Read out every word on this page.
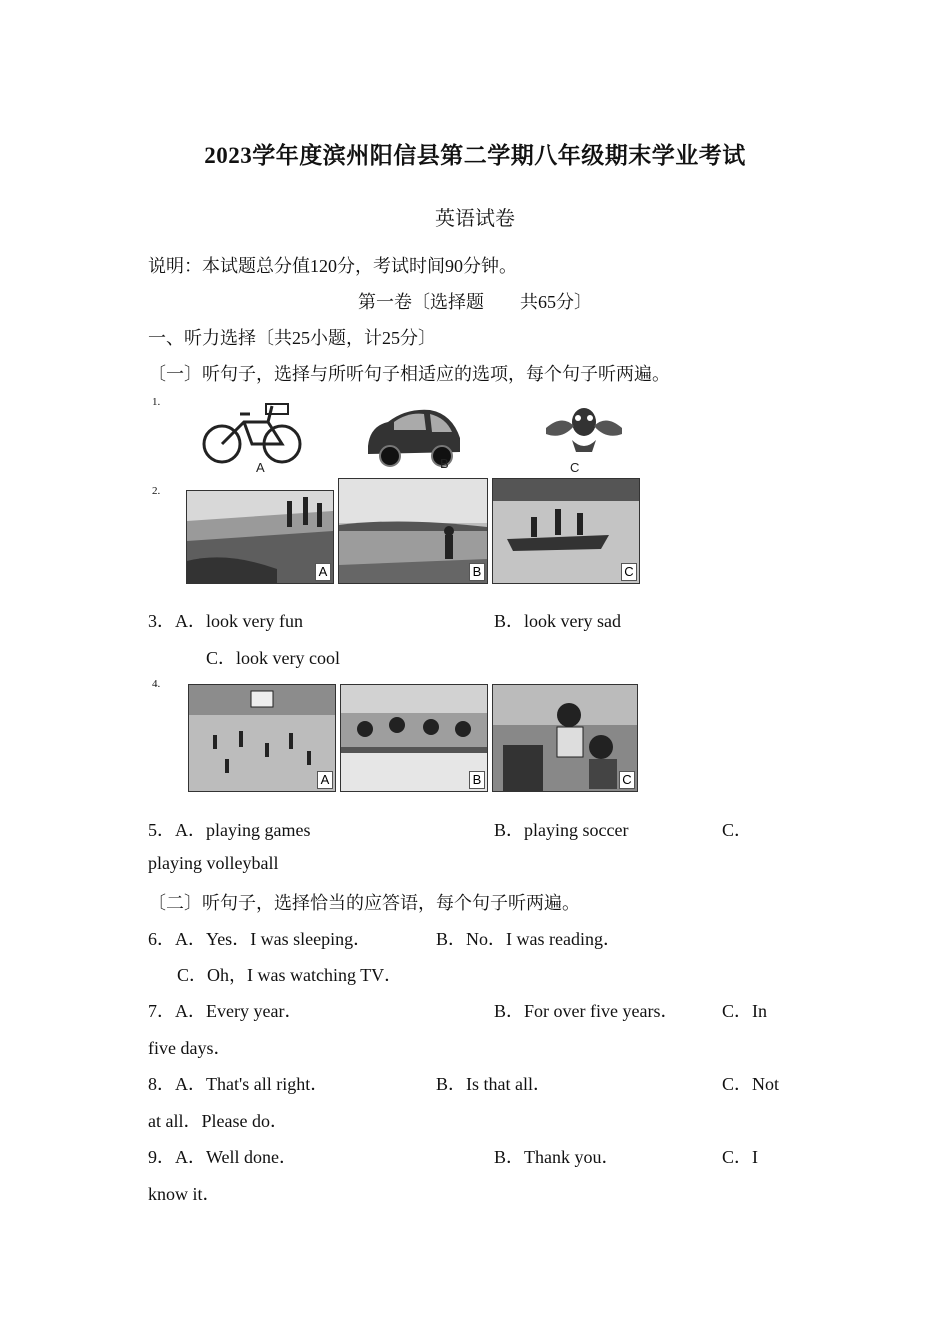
2023学年度滨州阳信县第二学期八年级期末学业考试
英语试卷
说明：本试题总分值120分，考试时间90分钟。
第一卷〔选择题　　共65分〕
一、听力选择〔共25小题，计25分〕
〔一〕听句子，选择与所听句子相适应的选项，每个句子听两遍。
1.
A	B	C
2.
A	B	C
3．A．look very fun	B．look very sad
C．look very cool
4.
A	B	C
5．A．playing games	B．playing soccer	C．
playing volleyball
〔二〕听句子，选择恰当的应答语，每个句子听两遍。
6．A．Yes．I was sleeping．	B．No．I was reading．
C．Oh，I was watching TV．
7．A．Every year．	B．For over five years． C．In
five days．
8．A．That's all right．	B．Is that all．	C．Not
at all．Please do．
9．A．Well done．	B．Thank you．	C．I
know it．
